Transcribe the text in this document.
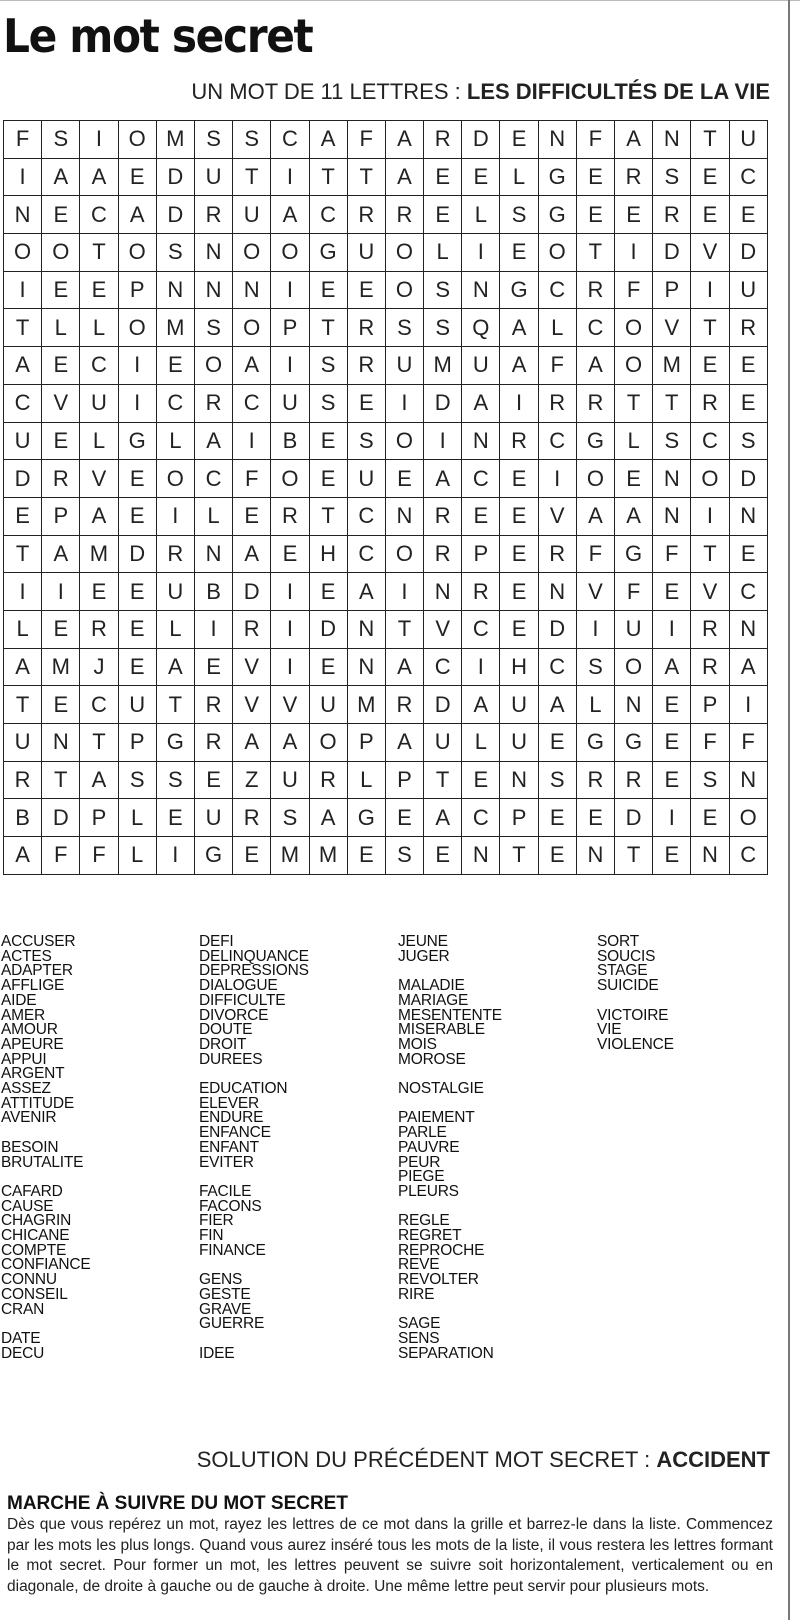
Le mot secret
UN MOT DE 11 LETTRES : LES DIFFICULTÉS DE LA VIE
F	S	I	O	M	S	S	C	A	F	A	R	D	E	N	F	A	N	T	U
I	A	A	E	D	U	T	I	T	T	A	E	E	L	G	E	R	S	E	C
N	E	C	A	D	R	U	A	C	R	R	E	L	S	G	E	E	R	E	E
O	O	T	O	S	N	O	O	G	U	O	L	I	E	O	T	I	D	V	D
I	E	E	P	N	N	N	I	E	E	O	S	N	G	C	R	F	P	I	U
T	L	L	O	M	S	O	P	T	R	S	S	Q	A	L	C	O	V	T	R
A	E	C	I	E	O	A	I	S	R	U	M	U	A	F	A	O	M	E	E
C	V	U	I	C	R	C	U	S	E	I	D	A	I	R	R	T	T	R	E
U	E	L	G	L	A	I	B	E	S	O	I	N	R	C	G	L	S	C	S
D	R	V	E	O	C	F	O	E	U	E	A	C	E	I	O	E	N	O	D
E	P	A	E	I	L	E	R	T	C	N	R	E	E	V	A	A	N	I	N
T	A	M	D	R	N	A	E	H	C	O	R	P	E	R	F	G	F	T	E
I	I	E	E	U	B	D	I	E	A	I	N	R	E	N	V	F	E	V	C
L	E	R	E	L	I	R	I	D	N	T	V	C	E	D	I	U	I	R	N
A	M	J	E	A	E	V	I	E	N	A	C	I	H	C	S	O	A	R	A
T	E	C	U	T	R	V	V	U	M	R	D	A	U	A	L	N	E	P	I
U	N	T	P	G	R	A	A	O	P	A	U	L	U	E	G	G	E	F	F
R	T	A	S	S	E	Z	U	R	L	P	T	E	N	S	R	R	E	S	N
B	D	P	L	E	U	R	S	A	G	E	A	C	P	E	E	D	I	E	O
A	F	F	L	I	G	E	M	M	E	S	E	N	T	E	N	T	E	N	C
ACCUSER
ACTES
ADAPTER
AFFLIGE
AIDE
AMER
AMOUR
APEURE
APPUI
ARGENT
ASSEZ
ATTITUDE
AVENIR
BESOIN
BRUTALITE
CAFARD
CAUSE
CHAGRIN
CHICANE
COMPTE
CONFIANCE
CONNU
CONSEIL
CRAN
DATE
DECU
DEFI
DELINQUANCE
DEPRESSIONS
DIALOGUE
DIFFICULTE
DIVORCE
DOUTE
DROIT
DUREES
EDUCATION
ELEVER
ENDURE
ENFANCE
ENFANT
EVITER
FACILE
FACONS
FIER
FIN
FINANCE
GENS
GESTE
GRAVE
GUERRE
IDEE
JEUNE
JUGER
MALADIE
MARIAGE
MESENTENTE
MISERABLE
MOIS
MOROSE
NOSTALGIE
PAIEMENT
PARLE
PAUVRE
PEUR
PIEGE
PLEURS
REGLE
REGRET
REPROCHE
REVE
REVOLTER
RIRE
SAGE
SENS
SEPARATION
SORT
SOUCIS
STAGE
SUICIDE
VICTOIRE
VIE
VIOLENCE
SOLUTION DU PRÉCÉDENT MOT SECRET : ACCIDENT
MARCHE À SUIVRE DU MOT SECRET

Dès que vous repérez un mot, rayez les lettres de ce mot dans la grille et barrez-le dans la liste. Commencez par les mots les plus longs. Quand vous aurez inséré tous les mots de la liste, il vous restera les lettres formant le mot secret. Pour former un mot, les lettres peuvent se suivre soit horizontalement, verticalement ou en diagonale, de droite à gauche ou de gauche à droite. Une même lettre peut servir pour plusieurs mots.
